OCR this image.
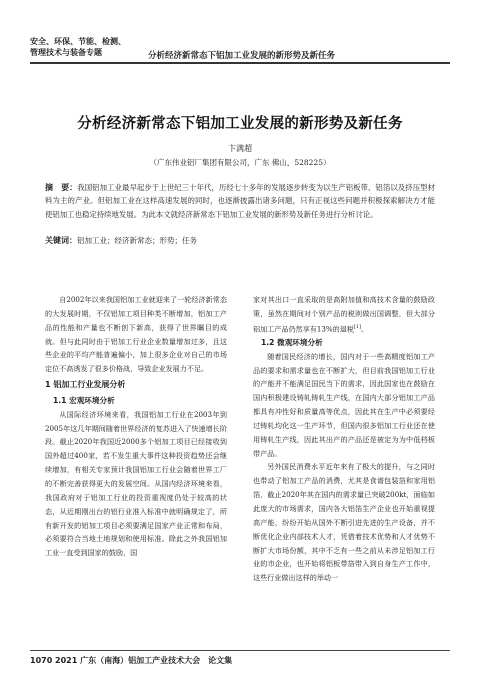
安全、环保、节能、检测、
管理技术与装备专题	分析经济新常态下铝加工业发展的新形势及新任务
分析经济新常态下铝加工业发展的新形势及新任务
卞满超
（广东伟业铝厂集团有限公司，广东 佛山，528225）
摘　要：我国铝加工业最早起步于上世纪三十年代，历经七十多年的发展逐步转变为以生产铝板带、铝箔以及挤压型材料为主的产业。但铝加工业在这样高速发展的同时，也逐渐披露出诸多问题，只有正视这些问题并积极探索解决方才能使铝加工也稳定持续地发展。为此本文就经济新常态下铝加工业发展的新形势及新任务进行分析讨论。
关键词：铝加工业；经济新常态；形势；任务

自2002年以来我国铝加工业就迎来了一轮经济新常态的大发展时期，不仅铝加工项目种类不断增加，铝加工产品的性能和产量也不断创下新高，获得了世界瞩目的成就。但与此同时由于铝加工行业企业数量增加过多，且这些企业的平均产能普遍偏小，加上很多企业对自己的市场定位不高诱发了很多价格战，导致企业发展力不足。

1 铝加工行业发展分析

1.1 宏观环境分析

从国际经济环境来看，我国铝加工行业在2003年到2005年这几年期间随着世界经济的复苏进入了快速增长阶段。截止2020年我国近2000多个铝加工项目已经接收到国外超过400家，若不发生重大事件这种投资趋势还会继续增加，有相关专家预计我国铝加工行业会随着世界工厂的不断完善获得更大的发展空间。从国内经济环境来看，我国政府对于铝加工行业的投资重视度仍处于较高的状态，从近期刚出台的铝行业准入标准中就明确规定了，所有新开发的铝加工项目必须要满足国家产业正常和布局，必须要符合当地土地规划和使用标准。除此之外我国铝加工业一直受到国家的鼓励，国

家对其出口一直采取的是高附加值和高技术含量的鼓励政策，虽然在期间对个别产品的税则做出国调整，但大部分铝加工产品仍然享有13%的退税[1]。

1.2 微观环境分析

随着国民经济的增长，国内对于一些高精度铝加工产品的要求和需求量也在不断扩大，但目前我国铝加工行业的产能并不能满足国民当下的需求，因此国家也在鼓励在国内积极建设铸轧铸轧生产线，在国内大部分铝加工产品都具有冲性好和质量高等优点，因此其在生产中必须要经过铸轧均化这一生产环节，但国内很多铝加工行业还在使用铸轧生产线，因此其出产的产品还是被定为为中低档板带产品。

另外国民消费水平近年来有了极大的提升，与之同时也带动了铝加工产品的消费，尤其是食谱包装箔和家用铝箔，截止2020年其在国内的需求量已突破200kt，面临如此庞大的市场需求，国内各大铝箔生产企业也开始重视提高产能，纷纷开始从国外不断引进先进的生产设备，并不断优化企业内部技术人才，凭借着技术优势和人才优势不断扩大市场份额，其中不乏有一些之前从未涉足铝加工行业的市企业，也开始将铝板带箔带入到自身生产工作中，这些行业做出这样的举动一

1070 2021 广东（南海）铝加工产业技术大会　论文集
